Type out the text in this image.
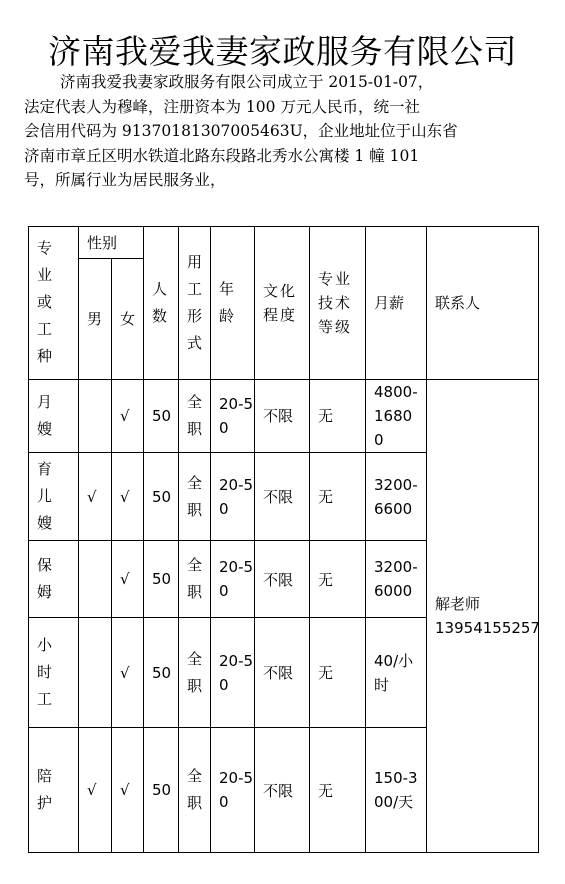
济南我爱我妻家政服务有限公司
济南我爱我妻家政服务有限公司成立于 2015-01-07，
法定代表人为穆峰，注册资本为 100 万元人民币，统一社
会信用代码为 91370181307005463U，企业地址位于山东省
济南市章丘区明水铁道北路东段路北秀水公寓楼 1 幢 101
号，所属行业为居民服务业，
专业或工种	性别		人数	用工形式	年龄	文化程度	专业技术等级	月薪	联系人
	男	女							
月嫂		√	50	全职	20-50	不限	无	4800-16800	解老师
13954155257

育儿嫂	√	√	50	全职	20-50	不限	无	3200-6600	

保姆		√	50	全职	20-50	不限	无	3200-6000	

小时工		√	50	全职	20-50	不限	无	40/小时	

陪护	√	√	50	全职	20-50	不限	无	150-300/天	
